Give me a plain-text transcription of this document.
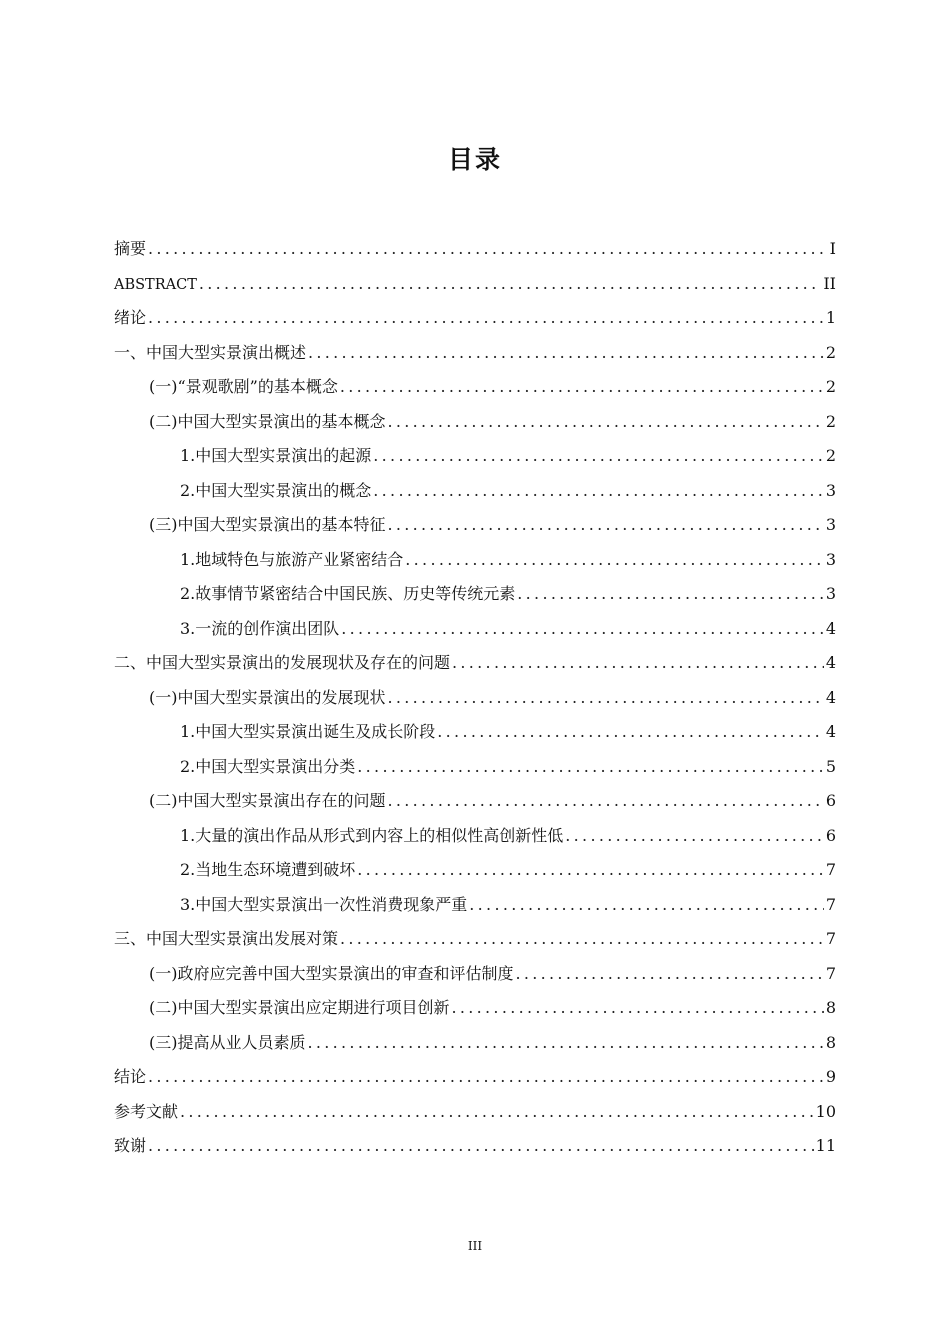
目录
摘要 .....	I
ABSTRACT .....	II
绪论 .....	1
一、中国大型实景演出概述 .....	2
(一)“景观歌剧”的基本概念 .....	2
(二)中国大型实景演出的基本概念 .....	2
1.中国大型实景演出的起源 .....	2
2.中国大型实景演出的概念 .....	3
(三)中国大型实景演出的基本特征 .....	3
1.地域特色与旅游产业紧密结合 .....	3
2.故事情节紧密结合中国民族、历史等传统元素 .....	3
3.一流的创作演出团队 .....	4
二、中国大型实景演出的发展现状及存在的问题 .....	4
(一)中国大型实景演出的发展现状 .....	4
1.中国大型实景演出诞生及成长阶段 .....	4
2.中国大型实景演出分类 .....	5
(二)中国大型实景演出存在的问题 .....	6
1.大量的演出作品从形式到内容上的相似性高创新性低 .....	6
2.当地生态环境遭到破坏 .....	7
3.中国大型实景演出一次性消费现象严重 .....	7
三、中国大型实景演出发展对策 .....	7
(一)政府应完善中国大型实景演出的审查和评估制度 .....	7
(二)中国大型实景演出应定期进行项目创新 .....	8
(三)提高从业人员素质 .....	8
结论 .....	9
参考文献 .....	10
致谢 .....	11
III
